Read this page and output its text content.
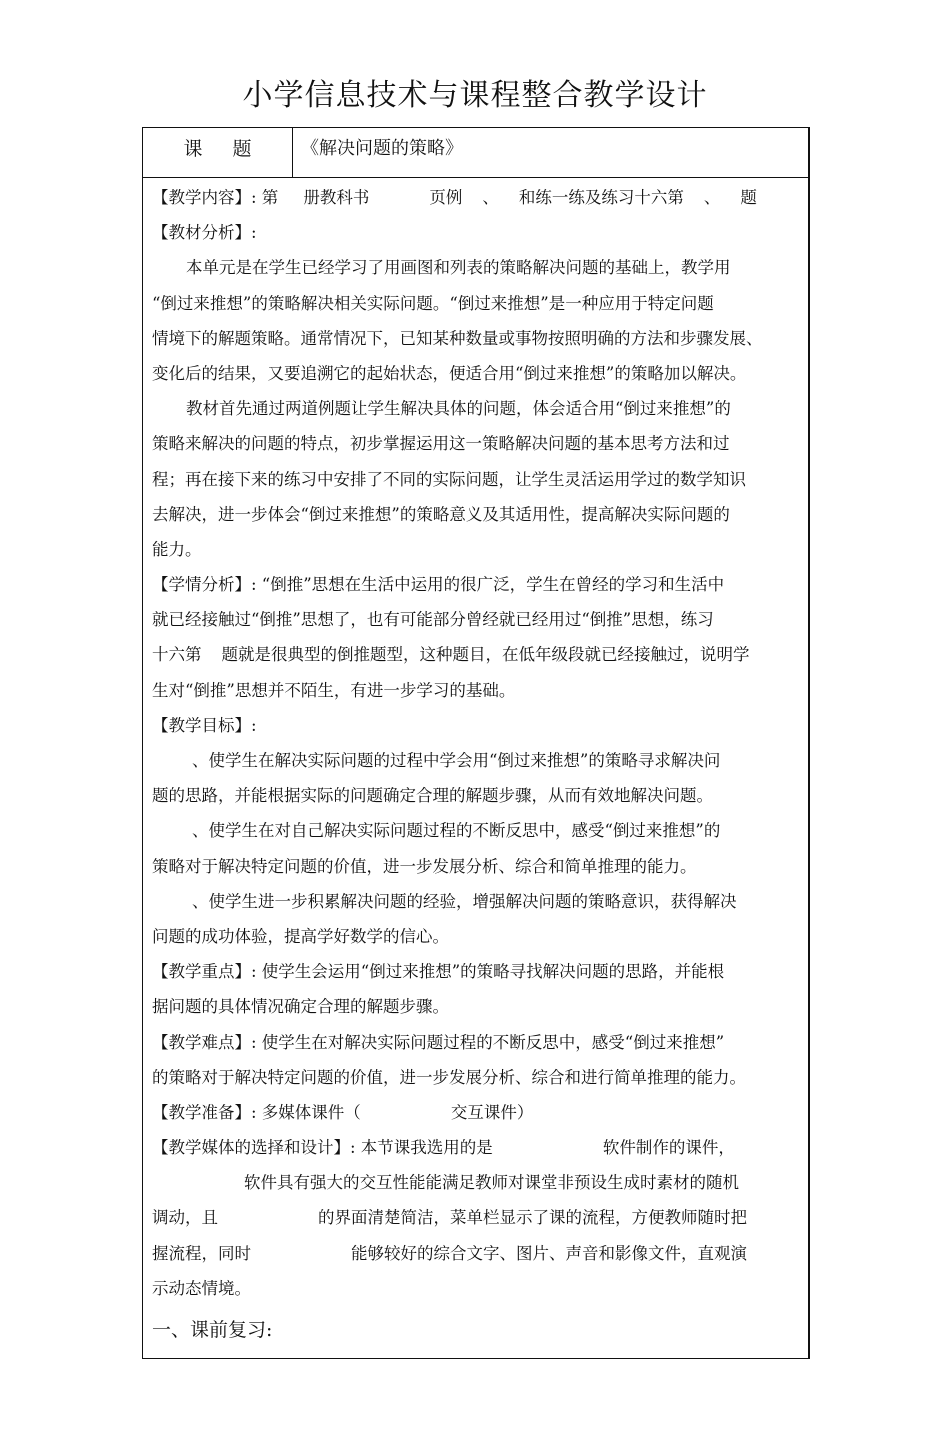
小学信息技术与课程整合教学设计
课题	《解决问题的策略》
【教学内容】: 第 册教科书	页例 、 和练一练及练习十六第 、 题
【教材分析】:
本单元是在学生已经学习了用画图和列表的策略解决问题的基础上，教学用
“倒过来推想”的策略解决相关实际问题。“倒过来推想”是一种应用于特定问题
情境下的解题策略。通常情况下，已知某种数量或事物按照明确的方法和步骤发展、
变化后的结果，又要追溯它的起始状态，便适合用“倒过来推想”的策略加以解决。
教材首先通过两道例题让学生解决具体的问题，体会适合用“倒过来推想”的
策略来解决的问题的特点，初步掌握运用这一策略解决问题的基本思考方法和过
程；再在接下来的练习中安排了不同的实际问题，让学生灵活运用学过的数学知识
去解决，进一步体会“倒过来推想”的策略意义及其适用性，提高解决实际问题的
能力。
【学情分析】: “倒推”思想在生活中运用的很广泛，学生在曾经的学习和生活中
就已经接触过“倒推”思想了，也有可能部分曾经就已经用过“倒推”思想，练习
十六第 题就是很典型的倒推题型，这种题目，在低年级段就已经接触过，说明学
生对“倒推”思想并不陌生，有进一步学习的基础。
【教学目标】:
、使学生在解决实际问题的过程中学会用“倒过来推想”的策略寻求解决问
题的思路，并能根据实际的问题确定合理的解题步骤，从而有效地解决问题。
、使学生在对自己解决实际问题过程的不断反思中，感受“倒过来推想”的
策略对于解决特定问题的价值，进一步发展分析、综合和简单推理的能力。
、使学生进一步积累解决问题的经验，增强解决问题的策略意识，获得解决
问题的成功体验，提高学好数学的信心。
【教学重点】: 使学生会运用“倒过来推想”的策略寻找解决问题的思路，并能根
据问题的具体情况确定合理的解题步骤。
【教学难点】: 使学生在对解决实际问题过程的不断反思中，感受“倒过来推想”
的策略对于解决特定问题的价值，进一步发展分析、综合和进行简单推理的能力。
【教学准备】: 多媒体课件（	交互课件）
【教学媒体的选择和设计】: 本节课我选用的是	软件制作的课件，
软件具有强大的交互性能能满足教师对课堂非预设生成时素材的随机
调动，且	的界面清楚简洁，菜单栏显示了课的流程，方便教师随时把
握流程，同时	能够较好的综合文字、图片、声音和影像文件，直观演
示动态情境。
一、课前复习:
